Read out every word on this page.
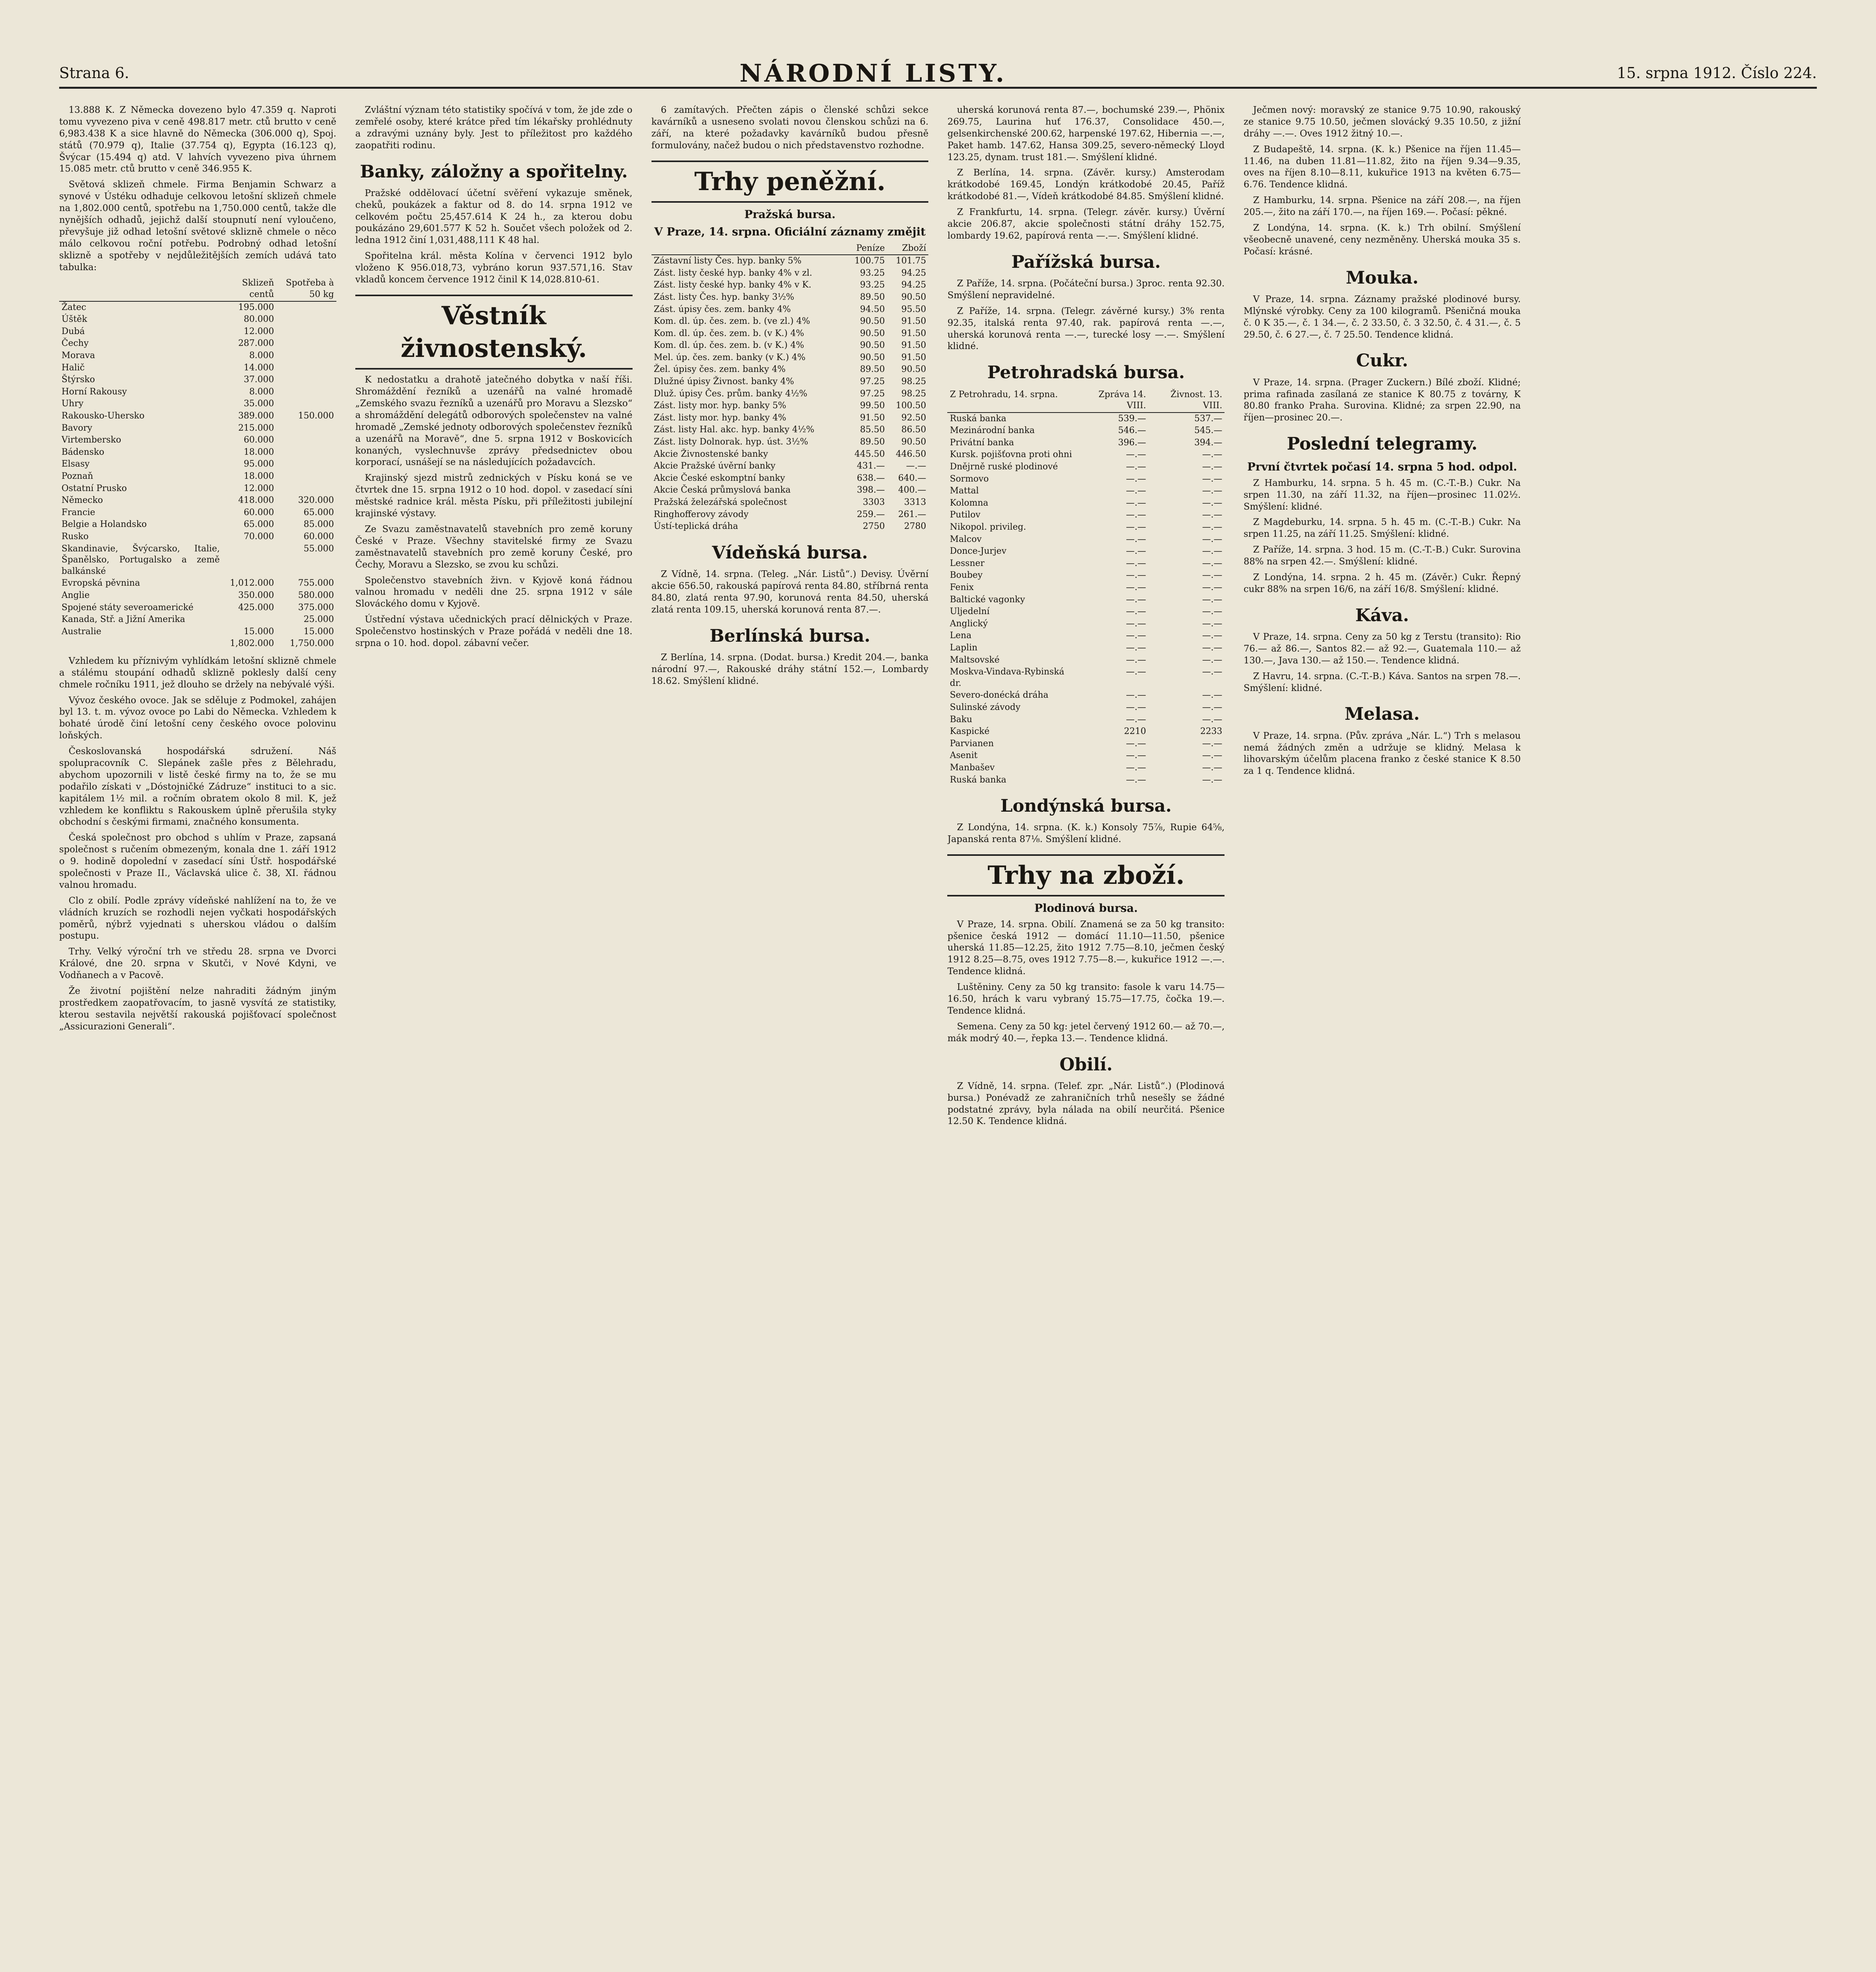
Strana 6.	NÁRODNÍ LISTY.	15. srpna 1912. Číslo 224.

13.888 K. Z Německa dovezeno bylo 47.359 q. Naproti tomu vyvezeno piva v ceně 498.817 metr. ctů brutto v ceně 6,983.438 K a sice hlavně do Německa (306.000 q), Spoj. států (70.979 q), Italie (37.754 q), Egypta (16.123 q), Švýcar (15.494 q) atd. V lahvích vyvezeno piva úhrnem 15.085 metr. ctů brutto v ceně 346.955 K.

Světová sklizeň chmele. Firma Benjamin Schwarz a synové v Ústéku odhaduje celkovou letošní sklizeň chmele na 1,802.000 centů, spotřebu na 1,750.000 centů, takže dle nynějších odhadů, jejichž další stoupnutí není vyloučeno, převyšuje již odhad letošní světové sklizně chmele o něco málo celkovou roční potřebu. Podrobný odhad letošní sklizně a spotřeby v nejdůležitějších zemích udává tato tabulka:

	Sklizeň centů	Spotřeba à 50 kg
Žatec	195.000	
Úštěk	80.000	
Dubá	12.000	
Čechy	287.000	
Morava	8.000	
Halič	14.000	
Štýrsko	37.000	
Horní Rakousy	8.000	
Uhry	35.000	
Rakousko-Uhersko	389.000	150.000
Bavory	215.000	
Virtembersko	60.000	
Bádensko	18.000	
Elsasy	95.000	
Poznaň	18.000	
Ostatní Prusko	12.000	
Německo	418.000	320.000
Francie	60.000	65.000
Belgie a Holandsko	65.000	85.000
Rusko	70.000	60.000
Skandinavie, Švýcarsko, Italie, Španělsko, Portugalsko a země balkánské		55.000
Evropská pěvnina	1,012.000	755.000
Anglie	350.000	580.000
Spojené státy severoamerické	425.000	375.000
Kanada, Stř. a Jižní Amerika		25.000
Australie	15.000	15.000
	1,802.000	1,750.000

Vzhledem ku příznivým vyhlídkám letošní sklizně chmele a stálému stoupání odhadů sklizně poklesly další ceny chmele ročníku 1911, jež dlouho se držely na nebývalé výši.

Vývoz českého ovoce. Jak se sděluje z Podmokel, zahájen byl 13. t. m. vývoz ovoce po Labi do Německa. Vzhledem k bohaté úrodě činí letošní ceny českého ovoce polovinu loňských.

Českoslovanská hospodářská sdružení. Náš spolupracovník C. Slepánek zašle přes z Bělehradu, abychom upozornili v listě české firmy na to, že se mu podařilo získati v „Dóstojničké Zádruze“ instituci to a sic. kapitálem 1½ mil. a ročním obratem okolo 8 mil. K, jež vzhledem ke konfliktu s Rakouskem úplně přerušila styky obchodní s českými firmami, značného konsumenta.

Česká společnost pro obchod s uhlím v Praze, zapsaná společnost s ručením obmezeným, konala dne 1. září 1912 o 9. hodině dopolední v zasedací síni Ústř. hospodářské společnosti v Praze II., Václavská ulice č. 38, XI. řádnou valnou hromadu.

Clo z obilí. Podle zprávy vídeňské nahlížení na to, že ve vládních kruzích se rozhodli nejen vyčkati hospodářských poměrů, nýbrž vyjednati s uherskou vládou o dalším postupu.

Trhy. Velký výroční trh ve středu 28. srpna ve Dvorci Králové, dne 20. srpna v Skutči, v Nové Kdyni, ve Vodňanech a v Pacově.

Že životní pojištění nelze nahraditi žádným jiným prostředkem zaopatřovacím, to jasně vysvítá ze statistiky, kterou sestavila největší rakouská pojišťovací společnost „Assicurazioni Generali“.

Zvláštní význam této statistiky spočívá v tom, že jde zde o zemřelé osoby, které krátce před tím lékařsky prohlédnuty a zdravými uznány byly. Jest to příležitost pro každého zaopatřiti rodinu.

Banky, záložny a spořitelny.

Pražské oddělovací účetní svěření vykazuje směnek, cheků, poukázek a faktur od 8. do 14. srpna 1912 ve celkovém počtu 25,457.614 K 24 h., za kterou dobu poukázáno 29,601.577 K 52 h. Součet všech položek od 2. ledna 1912 činí 1,031,488,111 K 48 hal.

Spořitelna král. města Kolína v červenci 1912 bylo vloženo K 956.018,73, vybráno korun 937.571,16. Stav vkladů koncem července 1912 činil K 14,028.810-61.

Věstník živnostenský.

K nedostatku a drahotě jatečného dobytka v naší říši. Shromáždění řezníků a uzenářů na valné hromadě „Zemského svazu řezníků a uzenářů pro Moravu a Slezsko“ a shromáždění delegátů odborových společenstev na valné hromadě „Zemské jednoty odborových společenstev řezníků a uzenářů na Moravě“, dne 5. srpna 1912 v Boskovicích konaných, vyslechnuvše zprávy předsednictev obou korporací, usnášejí se na následujících požadavcích.

Krajinský sjezd mistrů zednických v Písku koná se ve čtvrtek dne 15. srpna 1912 o 10 hod. dopol. v zasedací síni městské radnice král. města Písku, při příležitosti jubilejní krajinské výstavy.

Ze Svazu zaměstnavatelů stavebních pro země koruny České v Praze. Všechny stavitelské firmy ze Svazu zaměstnavatelů stavebních pro země koruny České, pro Čechy, Moravu a Slezsko, se zvou ku schůzi.

Společenstvo stavebních živn. v Kyjově koná řádnou valnou hromadu v neděli dne 25. srpna 1912 v sále Slováckého domu v Kyjově.

Ústřední výstava učednických prací dělnických v Praze. Společenstvo hostinských v Praze pořádá v neděli dne 18. srpna o 10. hod. dopol. zábavní večer.

6 zamítavých. Přečten zápis o členské schůzi sekce kavárníků a usneseno svolati novou členskou schůzi na 6. září, na které požadavky kavárníků budou přesně formulovány, načež budou o nich představenstvo rozhodne.

Trhy peněžní.
Pražská bursa.
V Praze, 14. srpna. Oficiální záznamy změjit
	Peníze	Zboží
Zástavní listy Čes. hyp. banky 5%	100.75	101.75
Zást. listy české hyp. banky 4% v zl.	93.25	94.25
Zást. listy české hyp. banky 4% v K.	93.25	94.25
Zást. listy Čes. hyp. banky 3½%	89.50	90.50
Zást. úpisy čes. zem. banky 4%	94.50	95.50
Kom. dl. úp. čes. zem. b. (ve zl.) 4%	90.50	91.50
Kom. dl. úp. čes. zem. b. (v K.) 4%	90.50	91.50
Kom. dl. úp. čes. zem. b. (v K.) 4%	90.50	91.50
Mel. úp. čes. zem. banky (v K.) 4%	90.50	91.50
Žel. úpisy čes. zem. banky 4%	89.50	90.50
Dlužné úpisy Živnost. banky 4%	97.25	98.25
Dluž. úpisy Čes. prům. banky 4½%	97.25	98.25
Zást. listy mor. hyp. banky 5%	99.50	100.50
Zást. listy mor. hyp. banky 4%	91.50	92.50
Zást. listy Hal. akc. hyp. banky 4½%	85.50	86.50
Zást. listy Dolnorak. hyp. úst. 3½%	89.50	90.50
Akcie Živnostenské banky	445.50	446.50
Akcie Pražské úvěrní banky	431.—	—.—
Akcie České eskomptní banky	638.—	640.—
Akcie Česká průmyslová banka	398.—	400.—
Pražská železářská společnost	3303	3313
Ringhofferovy závody	259.—	261.—
Ústí-teplická dráha	2750	2780
Vídeňská bursa.

Z Vídně, 14. srpna. (Teleg. „Nár. Listů“.) Devisy. Úvěrní akcie 656.50, rakouská papírová renta 84.80, stříbrná renta 84.80, zlatá renta 97.90, korunová renta 84.50, uherská zlatá renta 109.15, uherská korunová renta 87.—.

Berlínská bursa.

Z Berlína, 14. srpna. (Dodat. bursa.) Kredit 204.—, banka národní 97.—, Rakouské dráhy státní 152.—, Lombardy 18.62. Smýšlení klidné.

uherská korunová renta 87.—, bochumské 239.—, Phönix 269.75, Laurina huť 176.37, Consolidace 450.—, gelsenkirchenské 200.62, harpenské 197.62, Hibernia —.—, Paket hamb. 147.62, Hansa 309.25, severo-německý Lloyd 123.25, dynam. trust 181.—. Smýšlení klidné.

Z Berlína, 14. srpna. (Závěr. kursy.) Amsterodam krátkodobé 169.45, Londýn krátkodobé 20.45, Paříž krátkodobé 81.—, Vídeň krátkodobé 84.85. Smýšlení klidné.

Z Frankfurtu, 14. srpna. (Telegr. závěr. kursy.) Úvěrní akcie 206.87, akcie společnosti státní dráhy 152.75, lombardy 19.62, papírová renta —.—. Smýšlení klidné.

Pařížská bursa.

Z Paříže, 14. srpna. (Počáteční bursa.) 3proc. renta 92.30. Smýšlení nepravidelné.

Z Paříže, 14. srpna. (Telegr. závěrné kursy.) 3% renta 92.35, italská renta 97.40, rak. papírová renta —.—, uherská korunová renta —.—, turecké losy —.—. Smýšlení klidné.

Petrohradská bursa.
Z Petrohradu, 14. srpna.	Zpráva 14. VIII.	Živnost. 13. VIII.
Ruská banka	539.—	537.—
Mezinárodní banka	546.—	545.—
Privátní banka	396.—	394.—
Kursk. pojišťovna proti ohni	—.—	—.—
Dnějrně ruské plodinové	—.—	—.—
Sormovo	—.—	—.—
Mattal	—.—	—.—
Kolomna	—.—	—.—
Putilov	—.—	—.—
Nikopol. privileg.	—.—	—.—
Malcov	—.—	—.—
Donce-Jurjev	—.—	—.—
Lessner	—.—	—.—
Boubey	—.—	—.—
Fenix	—.—	—.—
Baltické vagonky	—.—	—.—
Uljedelní	—.—	—.—
Anglický	—.—	—.—
Lena	—.—	—.—
Laplin	—.—	—.—
Maltsovské	—.—	—.—
Moskva-Vindava-Rybinská dr.	—.—	—.—
Severo-donécká dráha	—.—	—.—
Sulinské závody	—.—	—.—
Baku	—.—	—.—
Kaspické	2210	2233
Parvianen	—.—	—.—
Asenit	—.—	—.—
Manbašev	—.—	—.—
Ruská banka	—.—	—.—
Londýnská bursa.

Z Londýna, 14. srpna. (K. k.) Konsoly 75⅞, Rupie 64⅝, Japanská renta 87⅛. Smýšlení klidné.

Trhy na zboží.
Plodinová bursa.

V Praze, 14. srpna. Obilí. Znamená se za 50 kg transito: pšenice česká 1912 — domácí 11.10—11.50, pšenice uherská 11.85—12.25, žito 1912 7.75—8.10, ječmen český 1912 8.25—8.75, oves 1912 7.75—8.—, kukuřice 1912 —.—. Tendence klidná.

Luštěniny. Ceny za 50 kg transito: fasole k varu 14.75—16.50, hrách k varu vybraný 15.75—17.75, čočka 19.—. Tendence klidná.

Semena. Ceny za 50 kg: jetel červený 1912 60.— až 70.—, mák modrý 40.—, řepka 13.—. Tendence klidná.

Obilí.

Z Vídně, 14. srpna. (Telef. zpr. „Nár. Listů“.) (Plodinová bursa.) Ponévadž ze zahraničních trhů nesešly se žádné podstatné zprávy, byla nálada na obilí neurčitá. Pšenice 12.50 K. Tendence klidná.

Ječmen nový: moravský ze stanice 9.75 10.90, rakouský ze stanice 9.75 10.50, ječmen slovácký 9.35 10.50, z jižní dráhy —.—. Oves 1912 žitný 10.—.

Z Budapeště, 14. srpna. (K. k.) Pšenice na říjen 11.45—11.46, na duben 11.81—11.82, žito na říjen 9.34—9.35, oves na říjen 8.10—8.11, kukuřice 1913 na květen 6.75—6.76. Tendence klidná.

Z Hamburku, 14. srpna. Pšenice na září 208.—, na říjen 205.—, žito na září 170.—, na říjen 169.—. Počasí: pěkné.

Z Londýna, 14. srpna. (K. k.) Trh obilní. Smýšlení všeobecně unavené, ceny nezměněny. Uherská mouka 35 s. Počasí: krásné.

Mouka.

V Praze, 14. srpna. Záznamy pražské plodinové bursy. Mlýnské výrobky. Ceny za 100 kilogramů. Pšeničná mouka č. 0 K 35.—, č. 1 34.—, č. 2 33.50, č. 3 32.50, č. 4 31.—, č. 5 29.50, č. 6 27.—, č. 7 25.50. Tendence klidná.

Cukr.

V Praze, 14. srpna. (Prager Zuckern.) Bílé zboží. Klidné; prima rafinada zasílaná ze stanice K 80.75 z továrny, K 80.80 franko Praha. Surovina. Klidné; za srpen 22.90, na říjen—prosinec 20.—.

Poslední telegramy.
První čtvrtek počasí 14. srpna 5 hod. odpol.

Z Hamburku, 14. srpna. 5 h. 45 m. (C.-T.-B.) Cukr. Na srpen 11.30, na září 11.32, na říjen—prosinec 11.02½. Smýšlení: klidné.

Z Magdeburku, 14. srpna. 5 h. 45 m. (C.-T.-B.) Cukr. Na srpen 11.25, na září 11.25. Smýšlení: klidné.

Z Paříže, 14. srpna. 3 hod. 15 m. (C.-T.-B.) Cukr. Surovina 88% na srpen 42.—. Smýšlení: klidné.

Z Londýna, 14. srpna. 2 h. 45 m. (Závěr.) Cukr. Řepný cukr 88% na srpen 16/6, na září 16/8. Smýšlení: klidné.

Káva.

V Praze, 14. srpna. Ceny za 50 kg z Terstu (transito): Rio 76.— až 86.—, Santos 82.— až 92.—, Guatemala 110.— až 130.—, Java 130.— až 150.—. Tendence klidná.

Z Havru, 14. srpna. (C.-T.-B.) Káva. Santos na srpen 78.—. Smýšlení: klidné.

Melasa.

V Praze, 14. srpna. (Pův. zpráva „Nár. L.“) Trh s melasou nemá žádných změn a udržuje se klidný. Melasa k lihovarským účelům placena franko z české stanice K 8.50 za 1 q. Tendence klidná.
